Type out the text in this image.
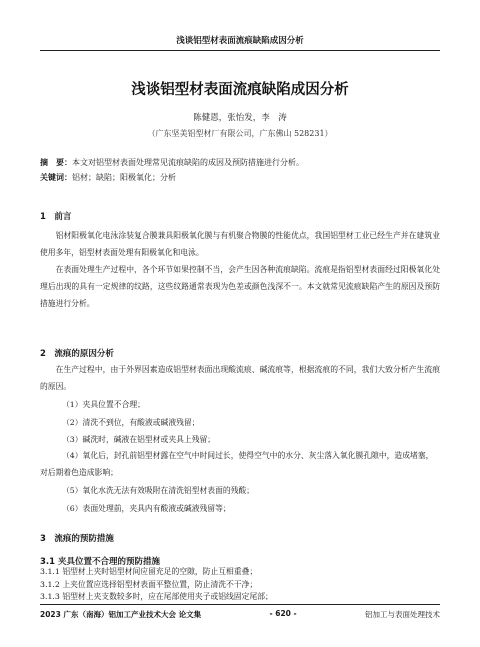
浅谈铝型材表面流痕缺陷成因分析
浅谈铝型材表面流痕缺陷成因分析
陈健恩，张怡发，李　涛
（广东坚美铝型材厂有限公司，广东佛山 528231）
摘　要：本文对铝型材表面处理常见流痕缺陷的成因及预防措施进行分析。
关键词：铝材；缺陷；阳极氧化；分析
1　前言
铝材阳极氧化电泳涂装复合膜兼具阳极氧化膜与有机聚合物膜的性能优点，我国铝型材工业已经生产并在建筑业使用多年，铝型材表面处理有阳极氧化和电泳。
在表面处理生产过程中，各个环节如果控制不当，会产生因各种流痕缺陷。流痕是指铝型材表面经过阳极氧化处理后出现的具有一定规律的纹路，这些纹路通常表现为色差或颜色浅深不一。本文就常见流痕缺陷产生的原因及预防措施进行分析。
2　流痕的原因分析
在生产过程中，由于外界因素造成铝型材表面出现酸流痕、碱流痕等，根据流痕的不同，我们大致分析产生流痕的原因。
（1）夹具位置不合理；
（2）清洗不到位，有酸液或碱液残留；
（3）碱洗时，碱液在铝型材或夹具上残留；
（4）氧化后，封孔前铝型材露在空气中时间过长，使得空气中的水分、灰尘落入氧化膜孔隙中，造成堵塞，对后期着色造成影响；
（5）氧化水洗无法有效吸附在清洗铝型材表面的残酸；
（6）表面处理前，夹具内有酸液或碱液残留等；
3　流痕的预防措施
3.1 夹具位置不合理的预防措施
3.1.1 铝型材上夹时铝型材间应留充足的空隙，防止互相重叠；
3.1.2 上夹位置应选择铝型材表面平整位置，防止清洗不干净；
2023 广东（南海）铝加工产业技术大会 论文集	- 620 -	铝加工与表面处理技术
3.1.3 铝型材上夹支数较多时，应在尾部使用夹子或铝线固定尾部；
